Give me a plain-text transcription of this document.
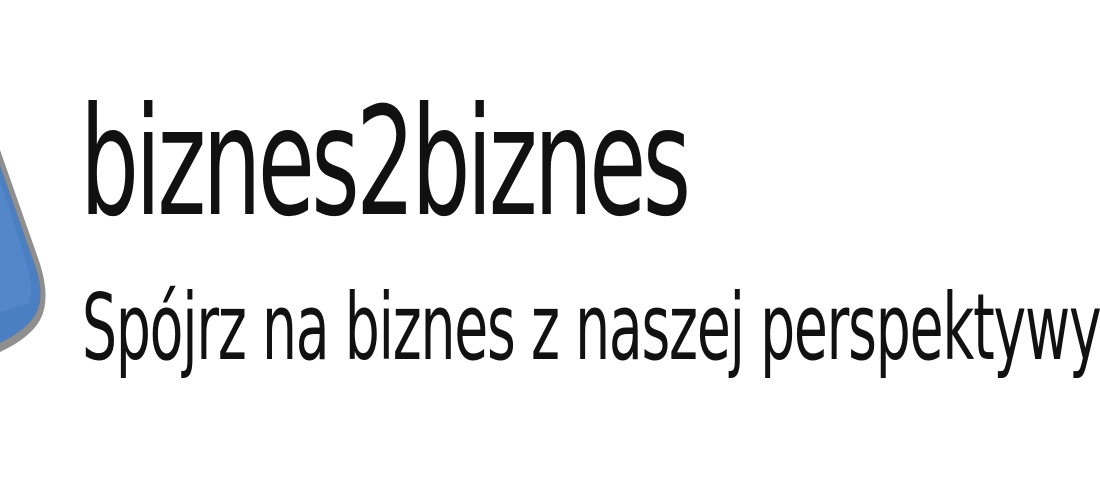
biznes2biznes

Spójrz na biznes z naszej perspektywy
